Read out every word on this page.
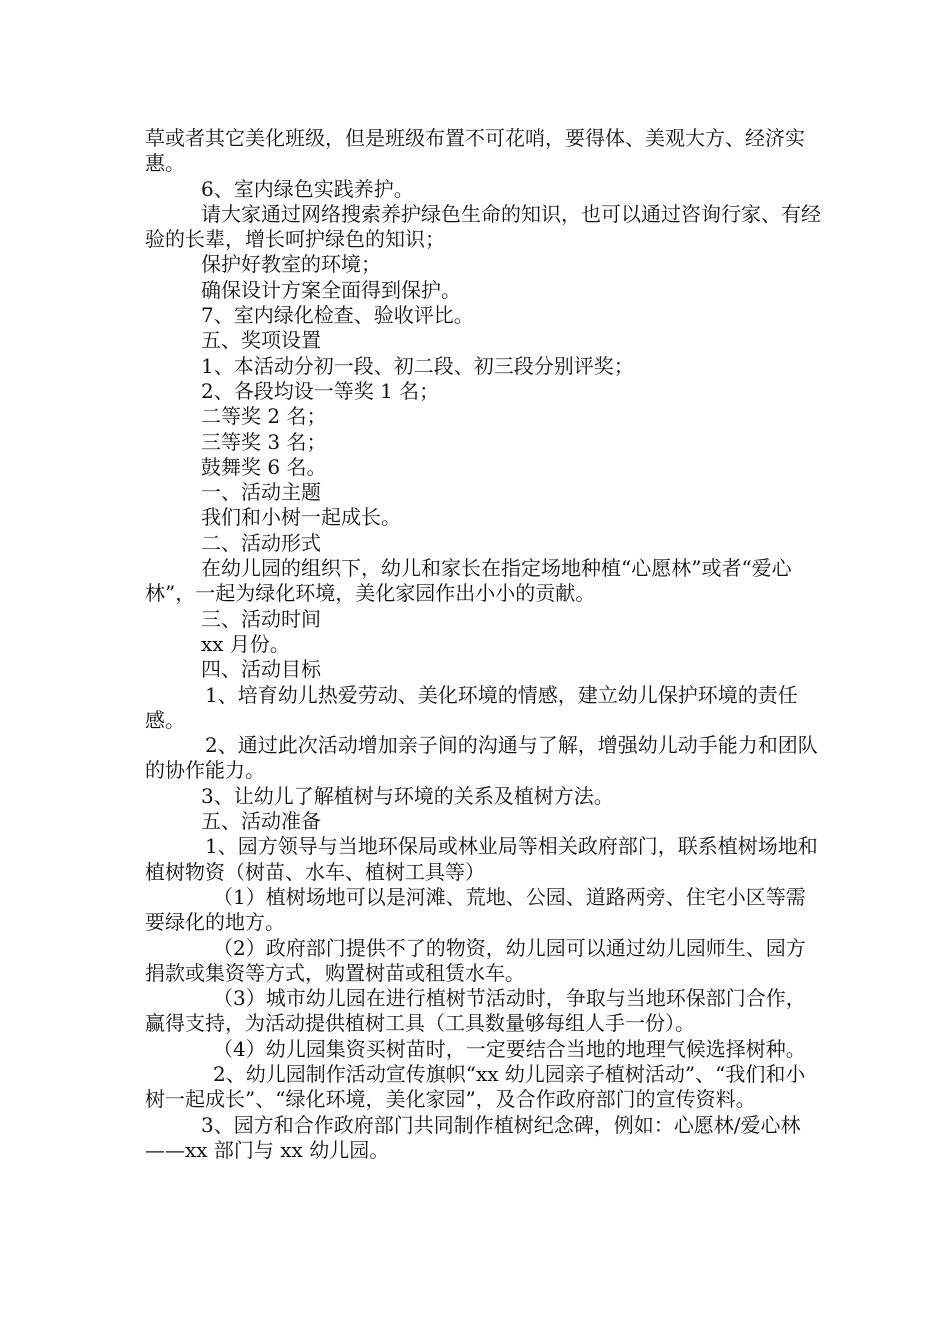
草或者其它美化班级，但是班级布置不可花哨，要得体、美观大方、经济实惠。

6、室内绿色实践养护。

请大家通过网络搜索养护绿色生命的知识，也可以通过咨询行家、有经验的长辈，增长呵护绿色的知识；

保护好教室的环境；

确保设计方案全面得到保护。

7、室内绿化检查、验收评比。

五、奖项设置

1、本活动分初一段、初二段、初三段分别评奖；

2、各段均设一等奖 1 名；

二等奖 2 名；

三等奖 3 名；

鼓舞奖 6 名。

一、活动主题

我们和小树一起成长。

二、活动形式

在幼儿园的组织下，幼儿和家长在指定场地种植“心愿林”或者“爱心林”，一起为绿化环境，美化家园作出小小的贡献。

三、活动时间

xx 月份。

四、活动目标

1、培育幼儿热爱劳动、美化环境的情感，建立幼儿保护环境的责任感。

2、通过此次活动增加亲子间的沟通与了解，增强幼儿动手能力和团队的协作能力。

3、让幼儿了解植树与环境的关系及植树方法。

五、活动准备

1、园方领导与当地环保局或林业局等相关政府部门，联系植树场地和植树物资（树苗、水车、植树工具等）

（1）植树场地可以是河滩、荒地、公园、道路两旁、住宅小区等需要绿化的地方。

（2）政府部门提供不了的物资，幼儿园可以通过幼儿园师生、园方捐款或集资等方式，购置树苗或租赁水车。

（3）城市幼儿园在进行植树节活动时，争取与当地环保部门合作，赢得支持，为活动提供植树工具（工具数量够每组人手一份）。

（4）幼儿园集资买树苗时，一定要结合当地的地理气候选择树种。

2、幼儿园制作活动宣传旗帜“xx 幼儿园亲子植树活动”、“我们和小树一起成长”、“绿化环境，美化家园”，及合作政府部门的宣传资料。

3、园方和合作政府部门共同制作植树纪念碑，例如：心愿林/爱心林——xx 部门与 xx 幼儿园。
